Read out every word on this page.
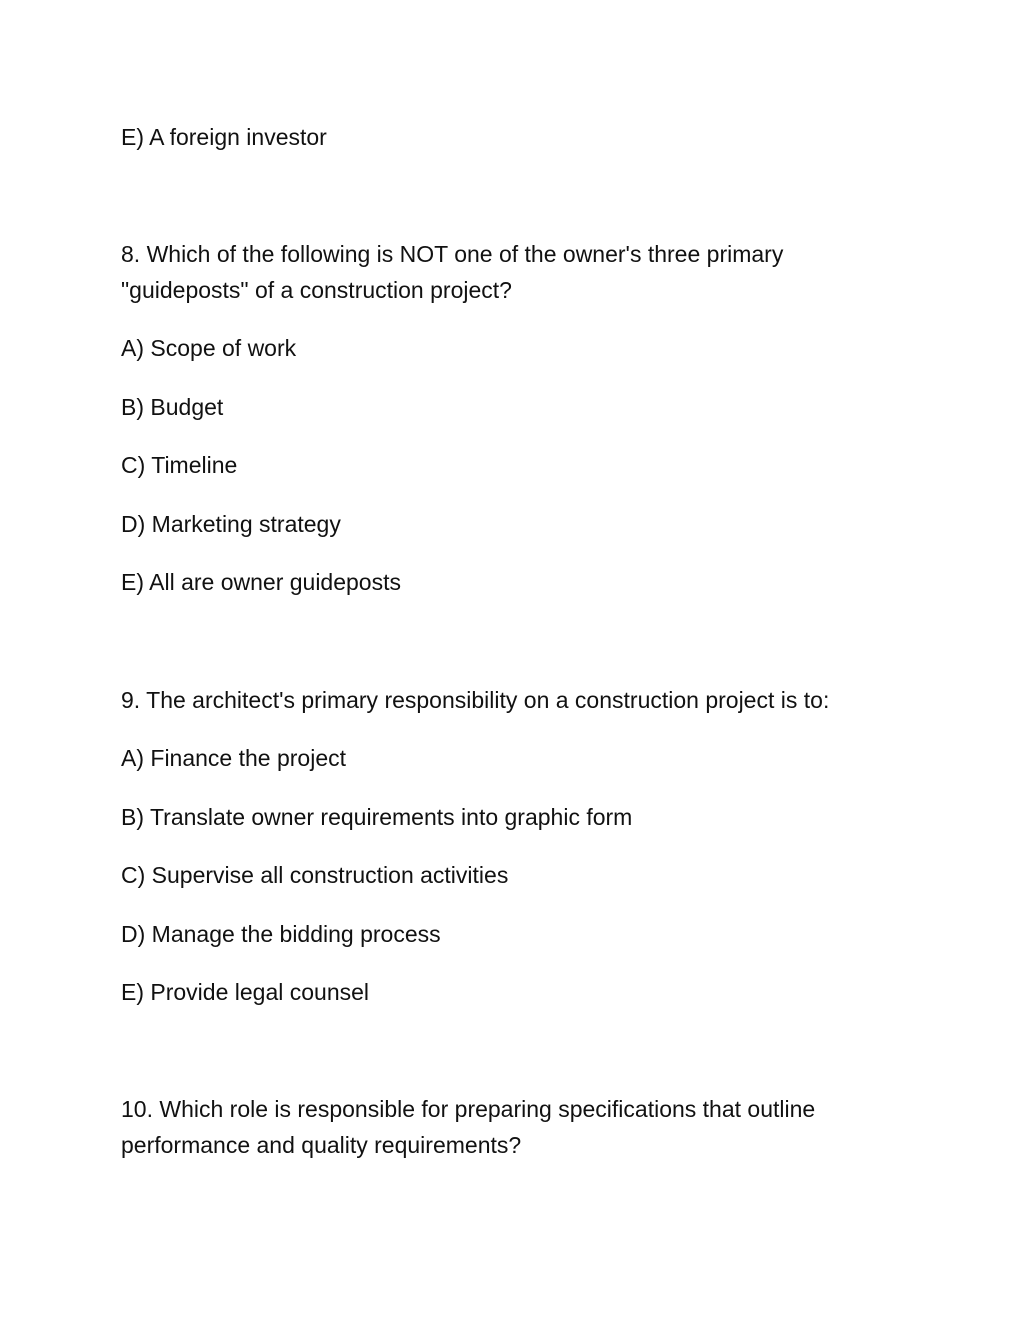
E) A foreign investor

8. Which of the following is NOT one of the owner's three primary "guideposts" of a construction project?

A) Scope of work

B) Budget

C) Timeline

D) Marketing strategy

E) All are owner guideposts

9. The architect's primary responsibility on a construction project is to:

A) Finance the project

B) Translate owner requirements into graphic form

C) Supervise all construction activities

D) Manage the bidding process

E) Provide legal counsel

10. Which role is responsible for preparing specifications that outline performance and quality requirements?
